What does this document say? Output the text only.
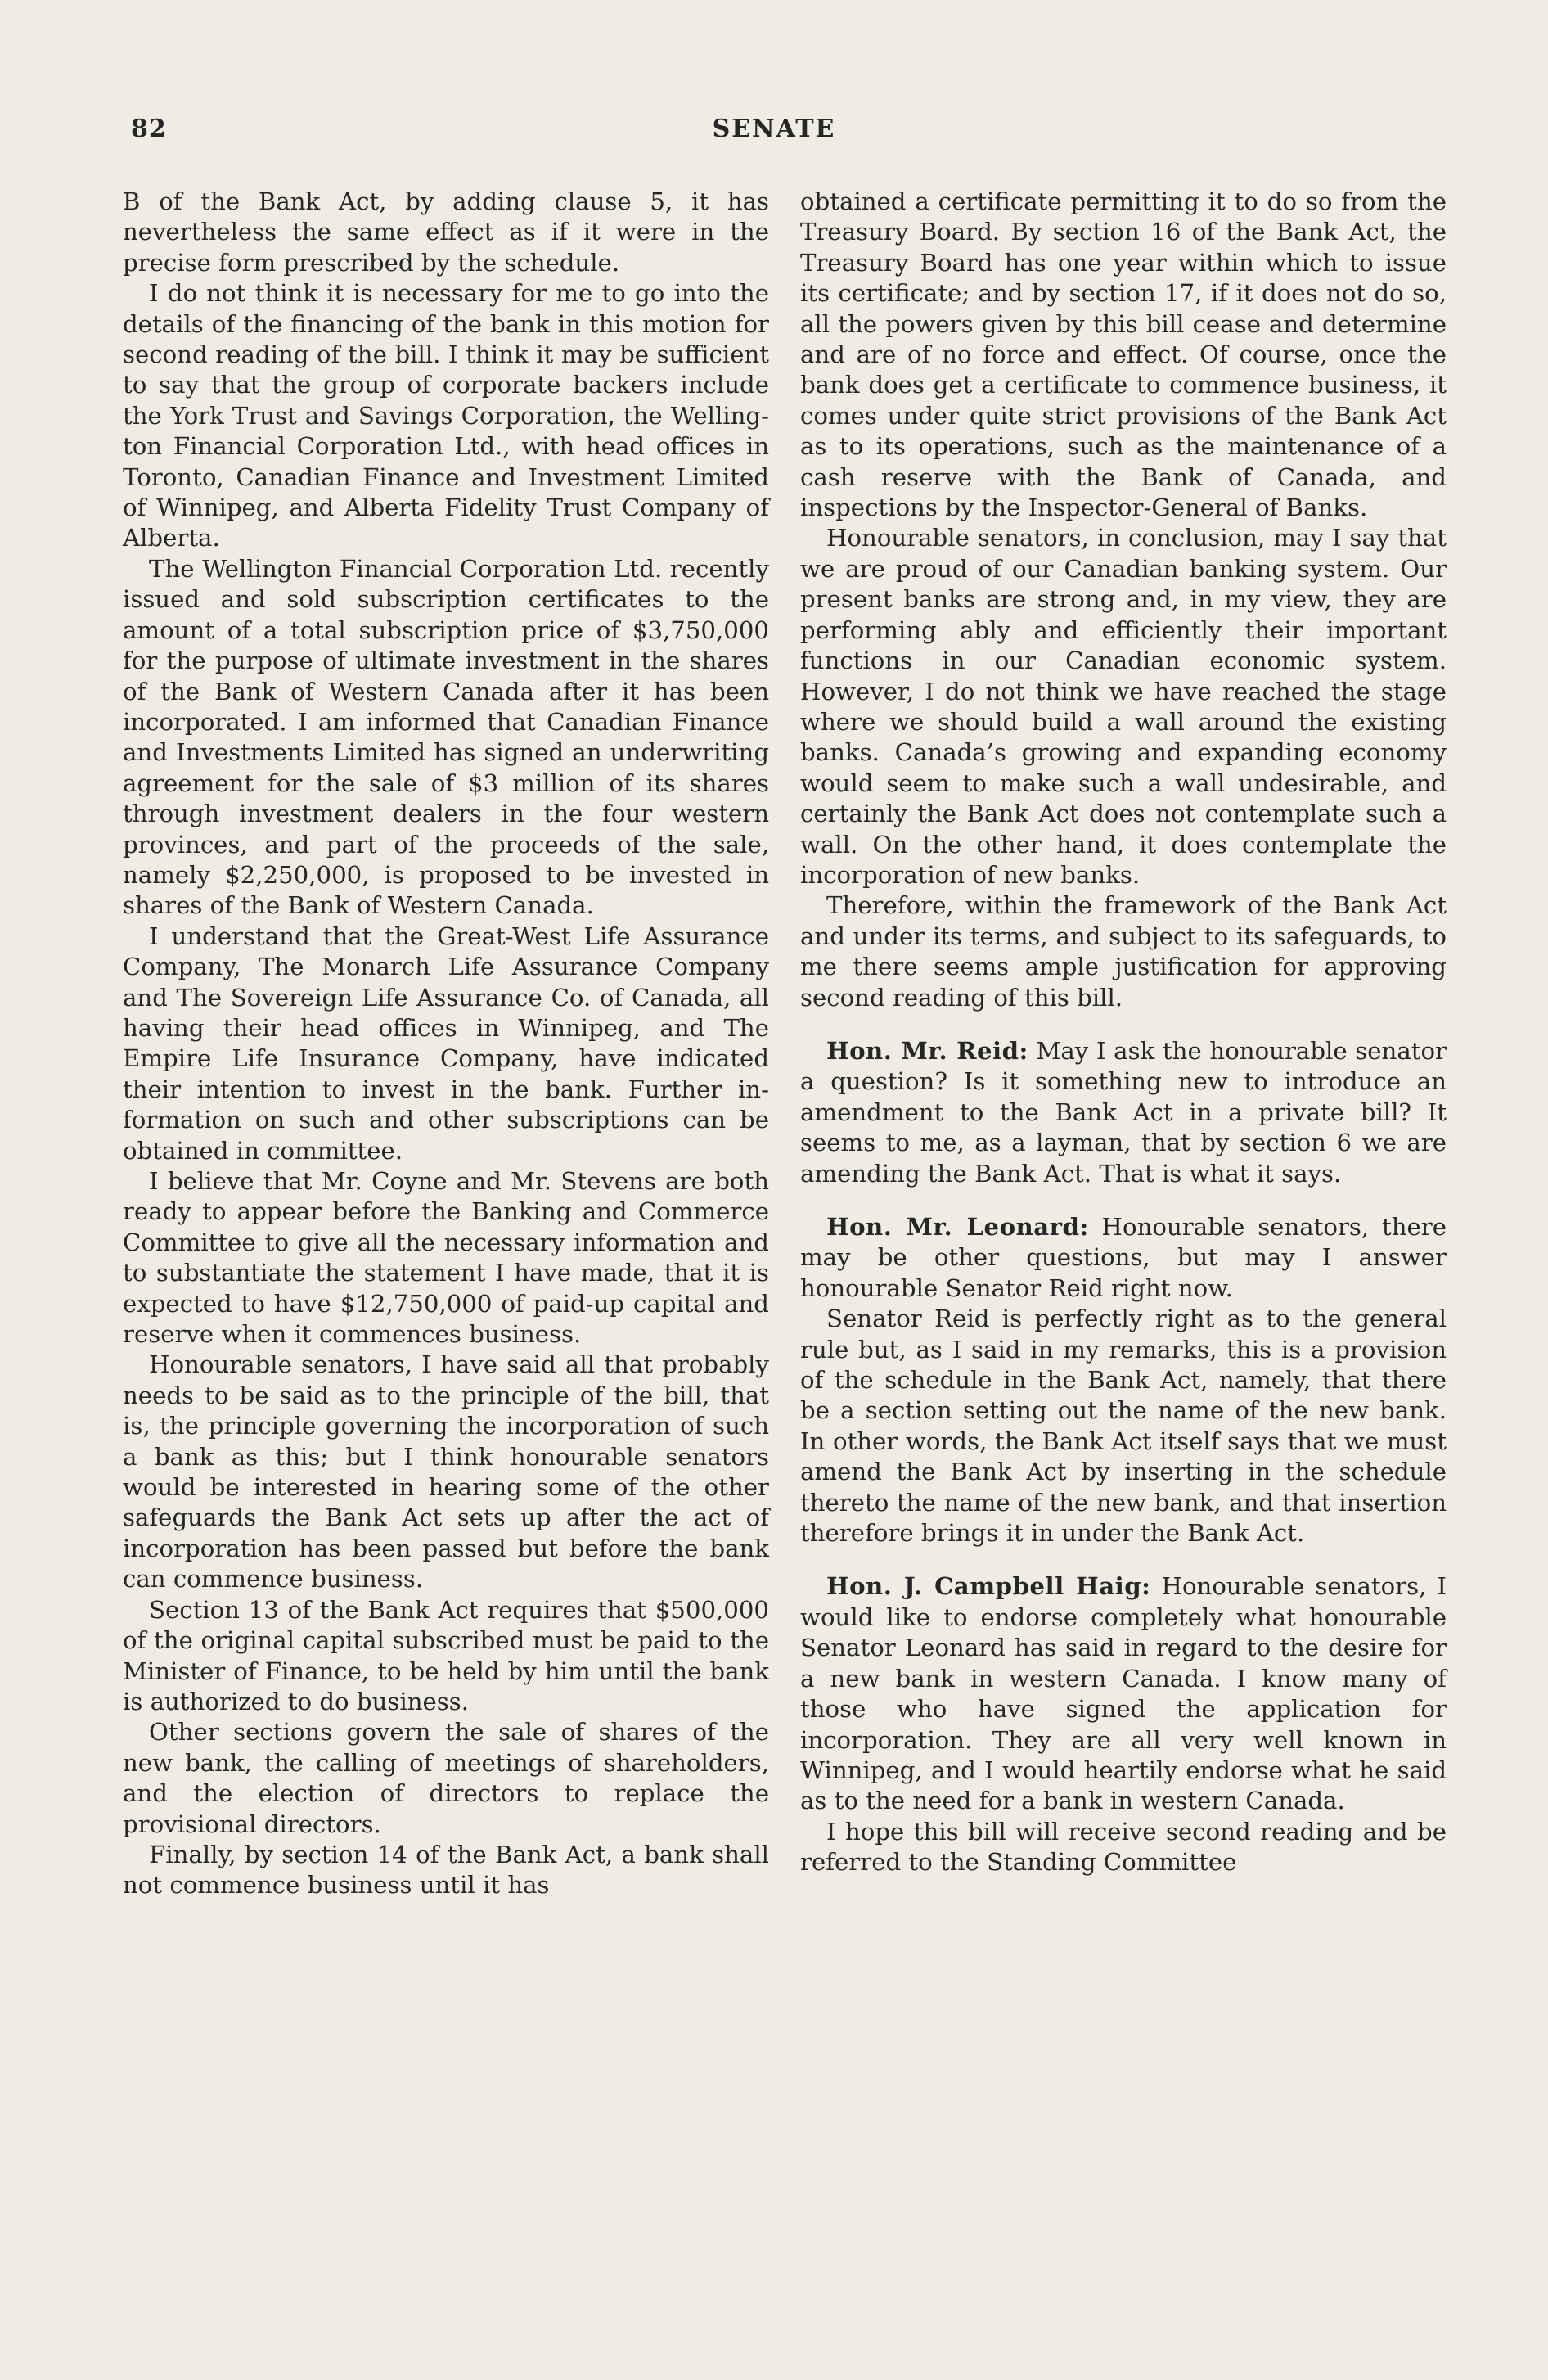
82	SENATE

B of the Bank Act, by adding clause 5, it has nevertheless the same effect as if it were in the precise form prescribed by the schedule.

I do not think it is necessary for me to go into the details of the financing of the bank in this motion for second reading of the bill. I think it may be sufficient to say that the group of corporate backers include the York Trust and Savings Corporation, the Wellington Financial Corporation Ltd., with head offices in Toronto, Canadian Finance and Investment Limited of Winnipeg, and Alberta Fidelity Trust Company of Alberta.

The Wellington Financial Corporation Ltd. recently issued and sold subscription certificates to the amount of a total subscription price of $3,750,000 for the purpose of ultimate investment in the shares of the Bank of Western Canada after it has been incorporated. I am informed that Canadian Finance and Investments Limited has signed an underwriting agreement for the sale of $3 million of its shares through investment dealers in the four western provinces, and part of the proceeds of the sale, namely $2,250,000, is proposed to be invested in shares of the Bank of Western Canada.

I understand that the Great-West Life Assurance Company, The Monarch Life Assurance Company and The Sovereign Life Assurance Co. of Canada, all having their head offices in Winnipeg, and The Empire Life Insurance Company, have indicated their intention to invest in the bank. Further information on such and other subscriptions can be obtained in committee.

I believe that Mr. Coyne and Mr. Stevens are both ready to appear before the Banking and Commerce Committee to give all the necessary information and to substantiate the statement I have made, that it is expected to have $12,750,000 of paid-up capital and reserve when it commences business.

Honourable senators, I have said all that probably needs to be said as to the principle of the bill, that is, the principle governing the incorporation of such a bank as this; but I think honourable senators would be interested in hearing some of the other safeguards the Bank Act sets up after the act of incorporation has been passed but before the bank can commence business.

Section 13 of the Bank Act requires that $500,000 of the original capital subscribed must be paid to the Minister of Finance, to be held by him until the bank is authorized to do business.

Other sections govern the sale of shares of the new bank, the calling of meetings of shareholders, and the election of directors to replace the provisional directors.

Finally, by section 14 of the Bank Act, a bank shall not commence business until it has

obtained a certificate permitting it to do so from the Treasury Board. By section 16 of the Bank Act, the Treasury Board has one year within which to issue its certificate; and by section 17, if it does not do so, all the powers given by this bill cease and determine and are of no force and effect. Of course, once the bank does get a certificate to commence business, it comes under quite strict provisions of the Bank Act as to its operations, such as the maintenance of a cash reserve with the Bank of Canada, and inspections by the Inspector-General of Banks.

Honourable senators, in conclusion, may I say that we are proud of our Canadian banking system. Our present banks are strong and, in my view, they are performing ably and efficiently their important functions in our Canadian economic system. However, I do not think we have reached the stage where we should build a wall around the existing banks. Canada’s growing and expanding economy would seem to make such a wall undesirable, and certainly the Bank Act does not contemplate such a wall. On the other hand, it does contemplate the incorporation of new banks.

Therefore, within the framework of the Bank Act and under its terms, and subject to its safeguards, to me there seems ample justification for approving second reading of this bill.

Hon. Mr. Reid: May I ask the honourable senator a question? Is it something new to introduce an amendment to the Bank Act in a private bill? It seems to me, as a layman, that by section 6 we are amending the Bank Act. That is what it says.

Hon. Mr. Leonard: Honourable senators, there may be other questions, but may I answer honourable Senator Reid right now.

Senator Reid is perfectly right as to the general rule but, as I said in my remarks, this is a provision of the schedule in the Bank Act, namely, that there be a section setting out the name of the new bank. In other words, the Bank Act itself says that we must amend the Bank Act by inserting in the schedule thereto the name of the new bank, and that insertion therefore brings it in under the Bank Act.

Hon. J. Campbell Haig: Honourable senators, I would like to endorse completely what honourable Senator Leonard has said in regard to the desire for a new bank in western Canada. I know many of those who have signed the application for incorporation. They are all very well known in Winnipeg, and I would heartily endorse what he said as to the need for a bank in western Canada.

I hope this bill will receive second reading and be referred to the Standing Committee
